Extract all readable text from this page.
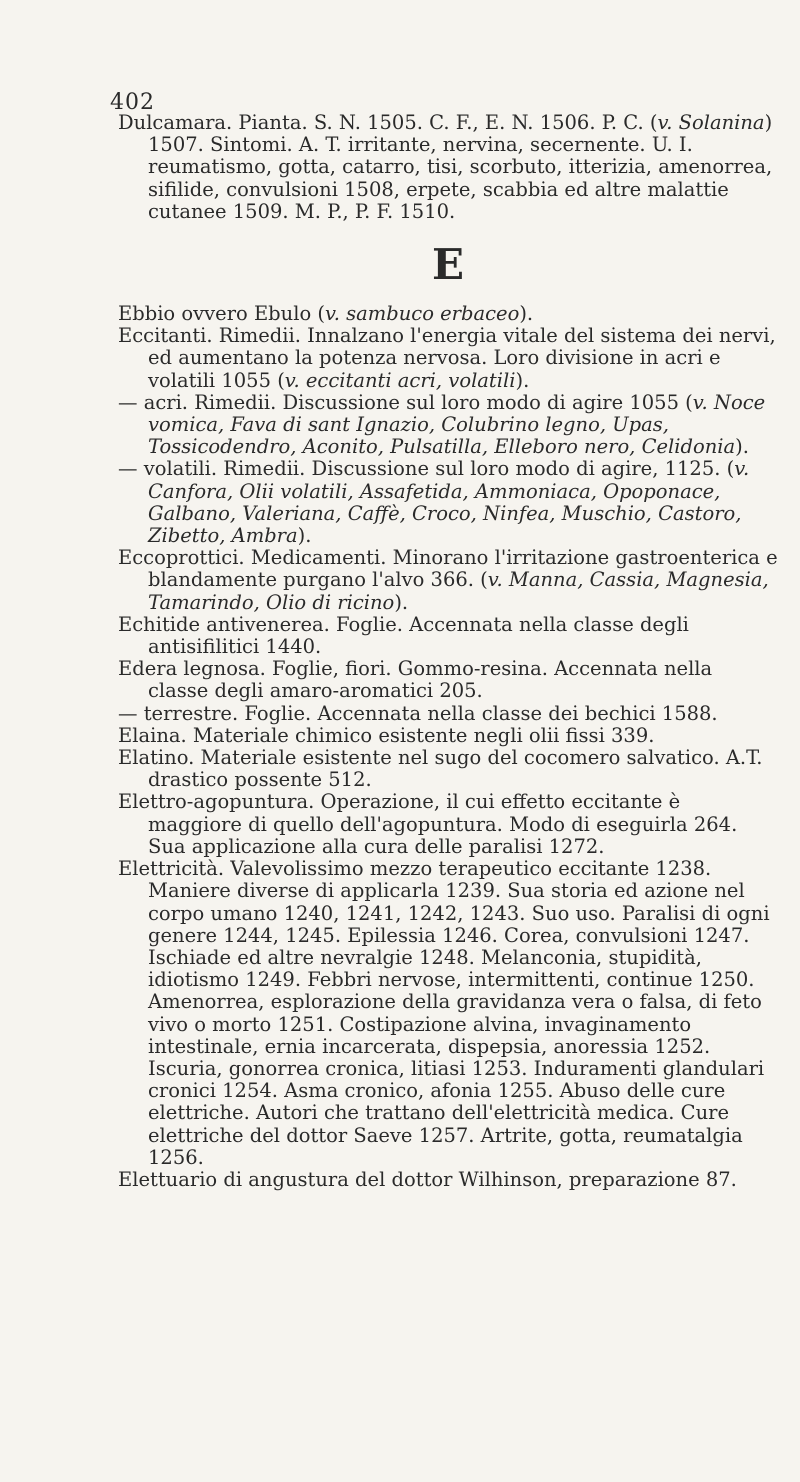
402

Dulcamara. Pianta. S. N. 1505. C. F., E. N. 1506. P. C. (v. Solanina) 1507. Sintomi. A. T. irritante, nervina, secernente. U. I. reumatismo, gotta, catarro, tisi, scorbuto, itterizia, amenorrea, sifilide, convulsioni 1508, erpete, scabbia ed altre malattie cutanee 1509. M. P., P. F. 1510.

E

Ebbio ovvero Ebulo (v. sambuco erbaceo).

Eccitanti. Rimedii. Innalzano l'energia vitale del sistema dei nervi, ed aumentano la potenza nervosa. Loro divisione in acri e volatili 1055 (v. eccitanti acri, volatili).

— acri. Rimedii. Discussione sul loro modo di agire 1055 (v. Noce vomica, Fava di sant Ignazio, Colubrino legno, Upas, Tossicodendro, Aconito, Pulsatilla, Elleboro nero, Celidonia).

— volatili. Rimedii. Discussione sul loro modo di agire, 1125. (v. Canfora, Olii volatili, Assafetida, Ammoniaca, Opoponace, Galbano, Valeriana, Caffè, Croco, Ninfea, Muschio, Castoro, Zibetto, Ambra).

Eccoprottici. Medicamenti. Minorano l'irritazione gastroenterica e blandamente purgano l'alvo 366. (v. Manna, Cassia, Magnesia, Tamarindo, Olio di ricino).

Echitide antivenerea. Foglie. Accennata nella classe degli antisifilitici 1440.

Edera legnosa. Foglie, fiori. Gommo-resina. Accennata nella classe degli amaro-aromatici 205.

— terrestre. Foglie. Accennata nella classe dei bechici 1588.

Elaina. Materiale chimico esistente negli olii fissi 339.

Elatino. Materiale esistente nel sugo del cocomero salvatico. A.T. drastico possente 512.

Elettro-agopuntura. Operazione, il cui effetto eccitante è maggiore di quello dell'agopuntura. Modo di eseguirla 264. Sua applicazione alla cura delle paralisi 1272.

Elettricità. Valevolissimo mezzo terapeutico eccitante 1238. Maniere diverse di applicarla 1239. Sua storia ed azione nel corpo umano 1240, 1241, 1242, 1243. Suo uso. Paralisi di ogni genere 1244, 1245. Epilessia 1246. Corea, convulsioni 1247. Ischiade ed altre nevralgie 1248. Melanconia, stupidità, idiotismo 1249. Febbri nervose, intermittenti, continue 1250. Amenorrea, esplorazione della gravidanza vera o falsa, di feto vivo o morto 1251. Costipazione alvina, invaginamento intestinale, ernia incarcerata, dispepsia, anoressia 1252. Iscuria, gonorrea cronica, litiasi 1253. Induramenti glandulari cronici 1254. Asma cronico, afonia 1255. Abuso delle cure elettriche. Autori che trattano dell'elettricità medica. Cure elettriche del dottor Saeve 1257. Artrite, gotta, reumatalgia 1256.

Elettuario di angustura del dottor Wilhinson, preparazione 87.
